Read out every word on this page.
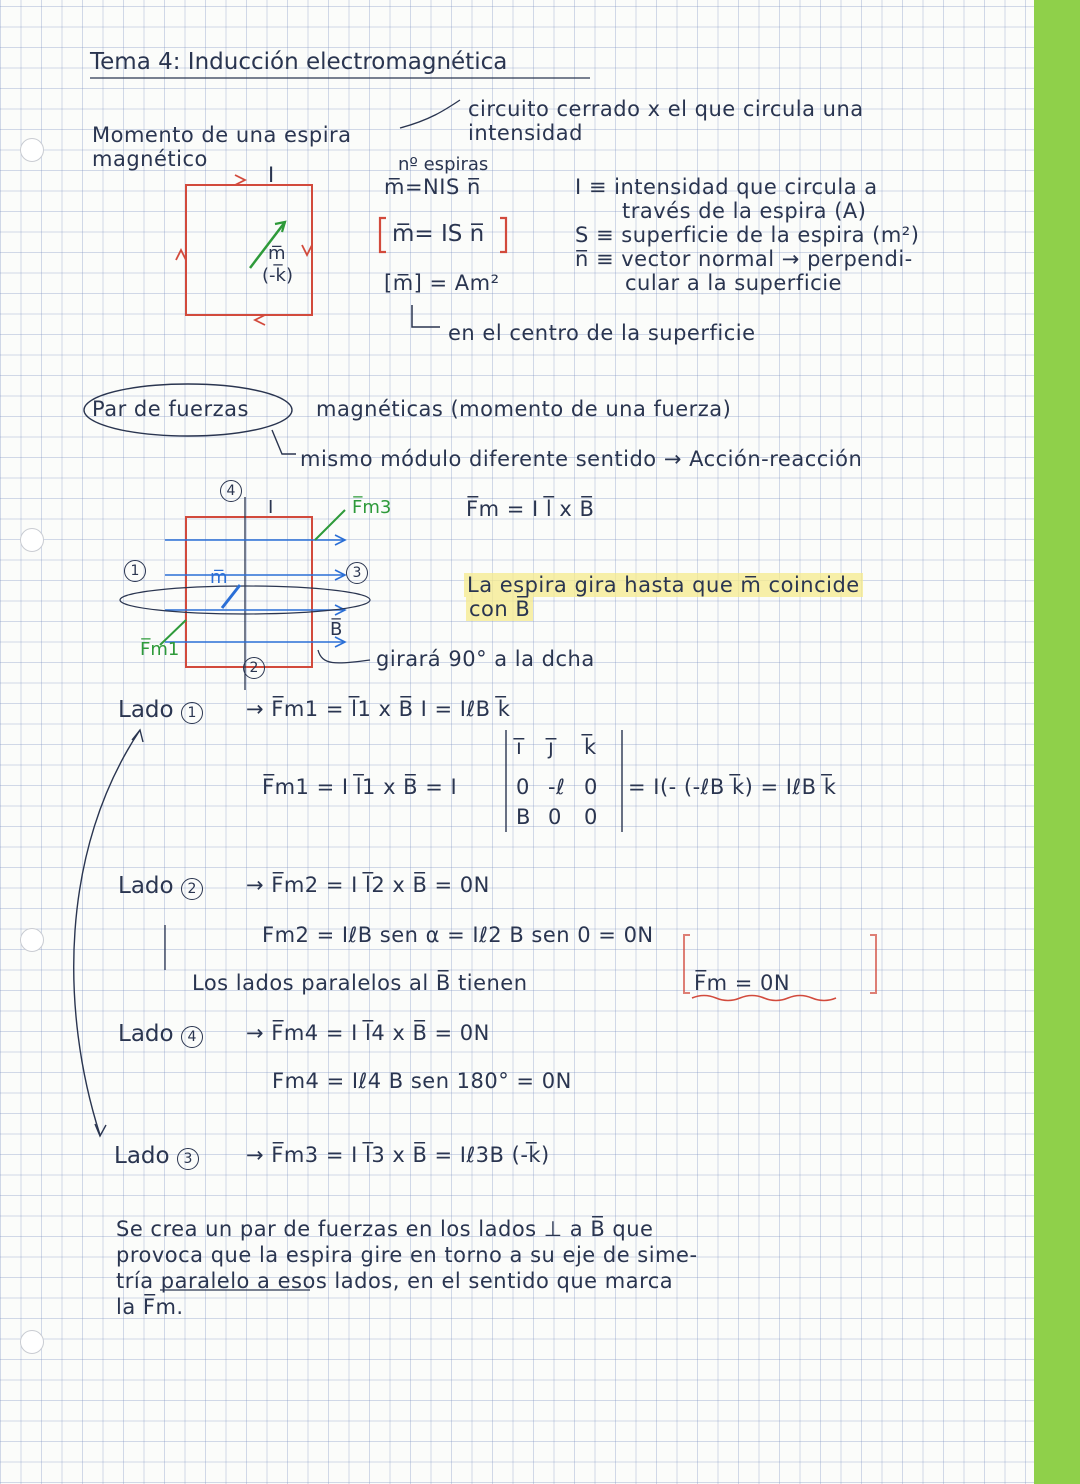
Tema 4: Inducción electromagnética
Momento de una espira
magnético
circuito cerrado x el que circula una
intensidad
nº espiras
m̅=NIS n̅
m̅= IS n̅
[m̅] = Am²
en el centro de la superficie
I ≡ intensidad que circula a
través de la espira (A)
S ≡ superficie de la espira (m²)
n̅ ≡ vector normal → perpendi-
cular a la superficie
I
m̅
(-k̅)
Par de fuerzas	magnéticas (momento de una fuerza)
mismo módulo diferente sentido → Acción-reacción
F̅m = I l̅ x B̅
F̅m3
F̅m1
m̅
B̅
I
1
2
3
4
La espira gira hasta que m̅ coincide
con B̅
girará 90° a la dcha
Lado 1	→ F̅m1 = l̅1 x B̅ I = IℓB k̅
F̅m1 = I l̅1 x B̅ = I
i̅ j̅ k̅
0 -ℓ 0
B 0 0
= I(- (-ℓB k̅) = IℓB k̅
Lado 2	→ F̅m2 = I l̅2 x B̅ = 0N
Fm2 = IℓB sen α = Iℓ2 B sen 0 = 0N
Los lados paralelos al B̅ tienen	F̅m = 0N
Lado 4	→ F̅m4 = I l̅4 x B̅ = 0N
Fm4 = Iℓ4 B sen 180° = 0N
Lado 3	→ F̅m3 = I l̅3 x B̅ = Iℓ3B (-k̅)
Se crea un par de fuerzas en los lados ⊥ a B̅ que
provoca que la espira gire en torno a su eje de sime-
tría paralelo a esos lados, en el sentido que marca
la F̅m.
